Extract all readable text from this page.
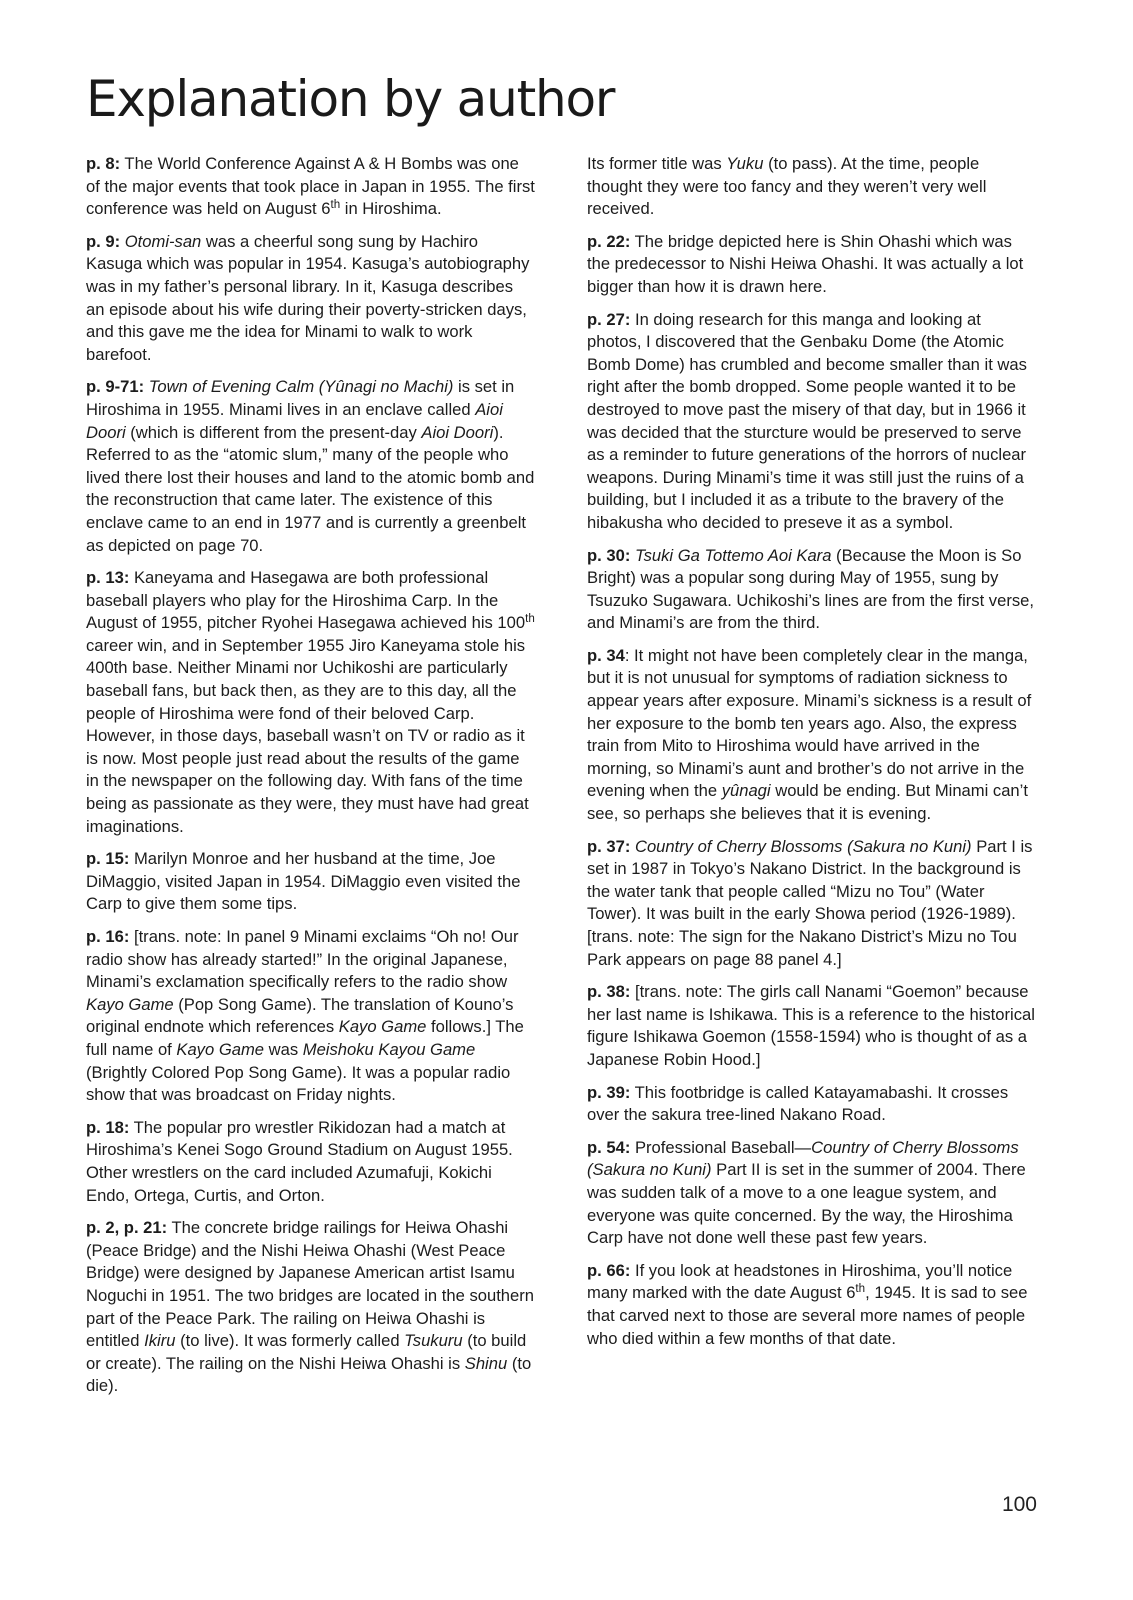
Explanation by author

p. 8: The World Conference Against A & H Bombs was one of the major events that took place in Japan in 1955. The first conference was held on August 6th in Hiroshima.

p. 9: Otomi-san was a cheerful song sung by Hachiro Kasuga which was popular in 1954. Kasuga’s autobiography was in my father’s personal library. In it, Kasuga describes an episode about his wife during their poverty-stricken days, and this gave me the idea for Minami to walk to work barefoot.

p. 9-71: Town of Evening Calm (Yûnagi no Machi) is set in Hiroshima in 1955. Minami lives in an enclave called Aioi Doori (which is different from the present-day Aioi Doori). Referred to as the “atomic slum,” many of the people who lived there lost their houses and land to the atomic bomb and the reconstruction that came later. The existence of this enclave came to an end in 1977 and is currently a greenbelt as depicted on page 70.

p. 13: Kaneyama and Hasegawa are both professional baseball players who play for the Hiroshima Carp. In the August of 1955, pitcher Ryohei Hasegawa achieved his 100th career win, and in September 1955 Jiro Kaneyama stole his 400th base. Neither Minami nor Uchikoshi are particularly baseball fans, but back then, as they are to this day, all the people of Hiroshima were fond of their beloved Carp. However, in those days, baseball wasn’t on TV or radio as it is now. Most people just read about the results of the game in the newspaper on the following day. With fans of the time being as passionate as they were, they must have had great imaginations.

p. 15: Marilyn Monroe and her husband at the time, Joe DiMaggio, visited Japan in 1954. DiMaggio even visited the Carp to give them some tips.

p. 16: [trans. note: In panel 9 Minami exclaims “Oh no! Our radio show has already started!” In the original Japanese, Minami’s exclamation specifically refers to the radio show Kayo Game (Pop Song Game). The translation of Kouno’s original endnote which references Kayo Game follows.] The full name of Kayo Game was Meishoku Kayou Game (Brightly Colored Pop Song Game). It was a popular radio show that was broadcast on Friday nights.

p. 18: The popular pro wrestler Rikidozan had a match at Hiroshima’s Kenei Sogo Ground Stadium on August 1955. Other wrestlers on the card included Azumafuji, Kokichi Endo, Ortega, Curtis, and Orton.

p. 2, p. 21: The concrete bridge railings for Heiwa Ohashi (Peace Bridge) and the Nishi Heiwa Ohashi (West Peace Bridge) were designed by Japanese American artist Isamu Noguchi in 1951. The two bridges are located in the southern part of the Peace Park. The railing on Heiwa Ohashi is entitled Ikiru (to live). It was formerly called Tsukuru (to build or create). The railing on the Nishi Heiwa Ohashi is Shinu (to die).

Its former title was Yuku (to pass). At the time, people thought they were too fancy and they weren’t very well received.

p. 22: The bridge depicted here is Shin Ohashi which was the predecessor to Nishi Heiwa Ohashi. It was actually a lot bigger than how it is drawn here.

p. 27: In doing research for this manga and looking at photos, I discovered that the Genbaku Dome (the Atomic Bomb Dome) has crumbled and become smaller than it was right after the bomb dropped. Some people wanted it to be destroyed to move past the misery of that day, but in 1966 it was decided that the sturcture would be preserved to serve as a reminder to future generations of the horrors of nuclear weapons. During Minami’s time it was still just the ruins of a building, but I included it as a tribute to the bravery of the hibakusha who decided to preseve it as a symbol.

p. 30: Tsuki Ga Tottemo Aoi Kara (Because the Moon is So Bright) was a popular song during May of 1955, sung by Tsuzuko Sugawara. Uchikoshi’s lines are from the first verse, and Minami’s are from the third.

p. 34: It might not have been completely clear in the manga, but it is not unusual for symptoms of radiation sickness to appear years after exposure. Minami’s sickness is a result of her exposure to the bomb ten years ago. Also, the express train from Mito to Hiroshima would have arrived in the morning, so Minami’s aunt and brother’s do not arrive in the evening when the yûnagi would be ending. But Minami can’t see, so perhaps she believes that it is evening.

p. 37: Country of Cherry Blossoms (Sakura no Kuni) Part I is set in 1987 in Tokyo’s Nakano District. In the background is the water tank that people called “Mizu no Tou” (Water Tower). It was built in the early Showa period (1926-1989). [trans. note: The sign for the Nakano District’s Mizu no Tou Park appears on page 88 panel 4.]

p. 38: [trans. note: The girls call Nanami “Goemon” because her last name is Ishikawa. This is a reference to the historical figure Ishikawa Goemon (1558-1594) who is thought of as a Japanese Robin Hood.]

p. 39: This footbridge is called Katayamabashi. It crosses over the sakura tree-lined Nakano Road.

p. 54: Professional Baseball—Country of Cherry Blossoms (Sakura no Kuni) Part II is set in the summer of 2004. There was sudden talk of a move to a one league system, and everyone was quite concerned. By the way, the Hiroshima Carp have not done well these past few years.

p. 66: If you look at headstones in Hiroshima, you’ll notice many marked with the date August 6th, 1945. It is sad to see that carved next to those are several more names of people who died within a few months of that date.

100
